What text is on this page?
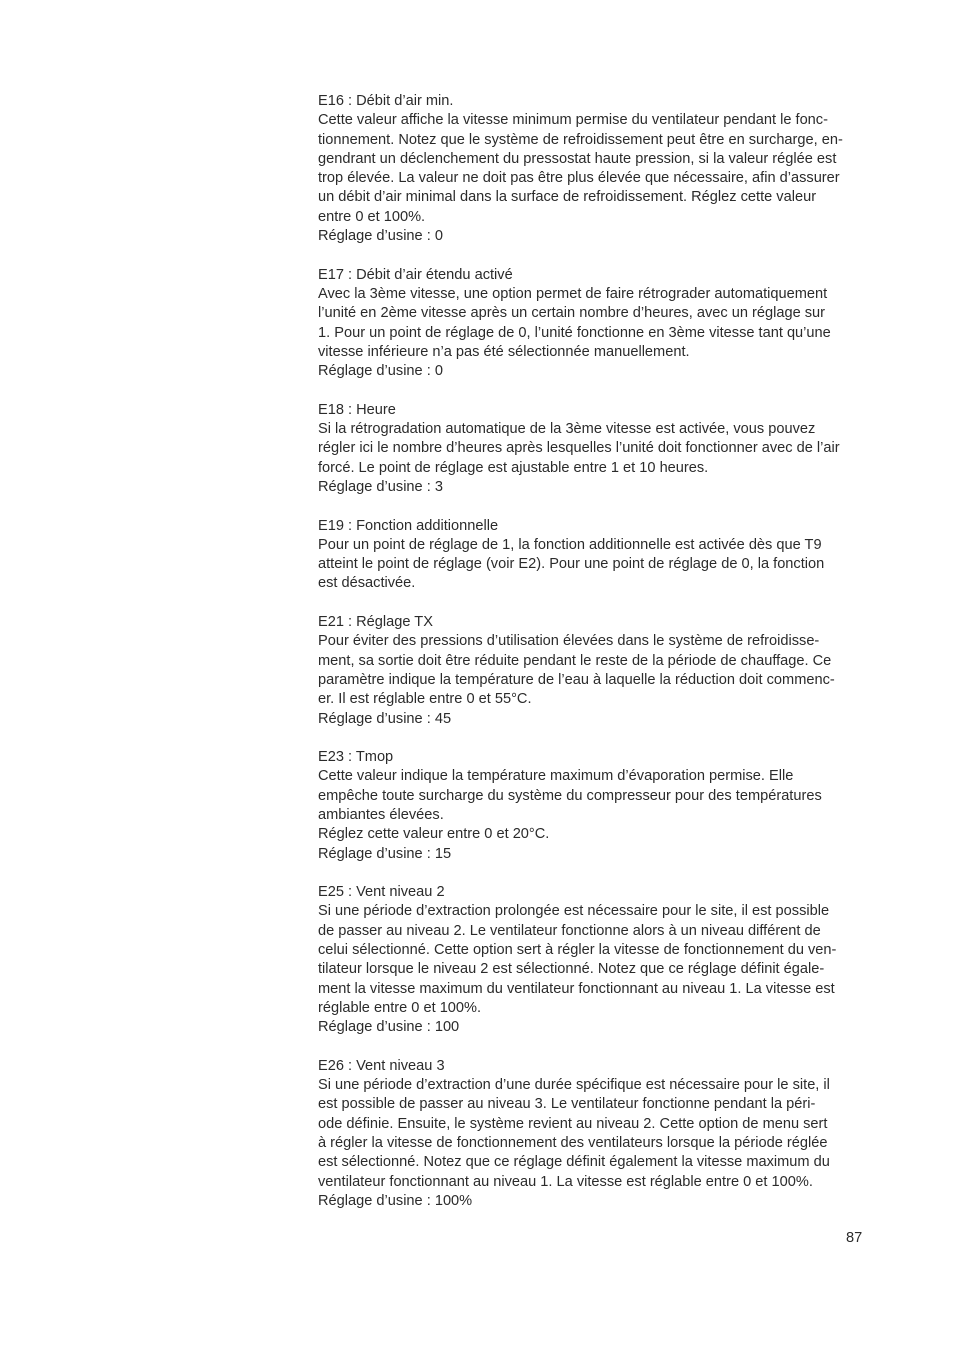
E16 : Débit d’air min.
Cette valeur affiche la vitesse minimum permise du ventilateur pendant le fonc-
tionnement. Notez que le système de refroidissement peut être en surcharge, en-
gendrant un déclenchement du pressostat haute pression, si la valeur réglée est
trop élevée. La valeur ne doit pas être plus élevée que nécessaire, afin d’assurer
un débit d’air minimal dans la surface de refroidissement. Réglez cette valeur
entre 0 et 100%.
Réglage d’usine : 0
E17 : Débit d’air étendu activé
Avec la 3ème vitesse, une option permet de faire rétrograder automatiquement
l’unité en 2ème vitesse après un certain nombre d’heures, avec un réglage sur
1. Pour un point de réglage de 0, l’unité fonctionne en 3ème vitesse tant qu’une
vitesse inférieure n’a pas été sélectionnée manuellement.
Réglage d’usine : 0
E18 : Heure
Si la rétrogradation automatique de la 3ème vitesse est activée, vous pouvez
régler ici le nombre d’heures après lesquelles l’unité doit fonctionner avec de l’air
forcé. Le point de réglage est ajustable entre 1 et 10 heures.
Réglage d’usine : 3
E19 : Fonction additionnelle
Pour un point de réglage de 1, la fonction additionnelle est activée dès que T9
atteint le point de réglage (voir E2). Pour une point de réglage de 0, la fonction
est désactivée.
E21 : Réglage TX
Pour éviter des pressions d’utilisation élevées dans le système de refroidisse-
ment, sa sortie doit être réduite pendant le reste de la période de chauffage. Ce
paramètre indique la température de l’eau à laquelle la réduction doit commenc-
er. Il est réglable entre 0 et 55°C.
Réglage d’usine : 45
E23 : Tmop
Cette valeur indique la température maximum d’évaporation permise. Elle
empêche toute surcharge du système du compresseur pour des températures
ambiantes élevées.
Réglez cette valeur entre 0 et 20°C.
Réglage d’usine : 15
E25 : Vent niveau 2
Si une période d’extraction prolongée est nécessaire pour le site, il est possible
de passer au niveau 2. Le ventilateur fonctionne alors à un niveau différent de
celui sélectionné. Cette option sert à régler la vitesse de fonctionnement du ven-
tilateur lorsque le niveau 2 est sélectionné. Notez que ce réglage définit égale-
ment la vitesse maximum du ventilateur fonctionnant au niveau 1. La vitesse est
réglable entre 0 et 100%.
Réglage d’usine : 100
E26 : Vent niveau 3
Si une période d’extraction d’une durée spécifique est nécessaire pour le site, il
est possible de passer au niveau 3. Le ventilateur fonctionne pendant la péri-
ode définie. Ensuite, le système revient au niveau 2. Cette option de menu sert
à régler la vitesse de fonctionnement des ventilateurs lorsque la période réglée
est sélectionné. Notez que ce réglage définit également la vitesse maximum du
ventilateur fonctionnant au niveau 1. La vitesse est réglable entre 0 et 100%.
Réglage d’usine : 100%
87
